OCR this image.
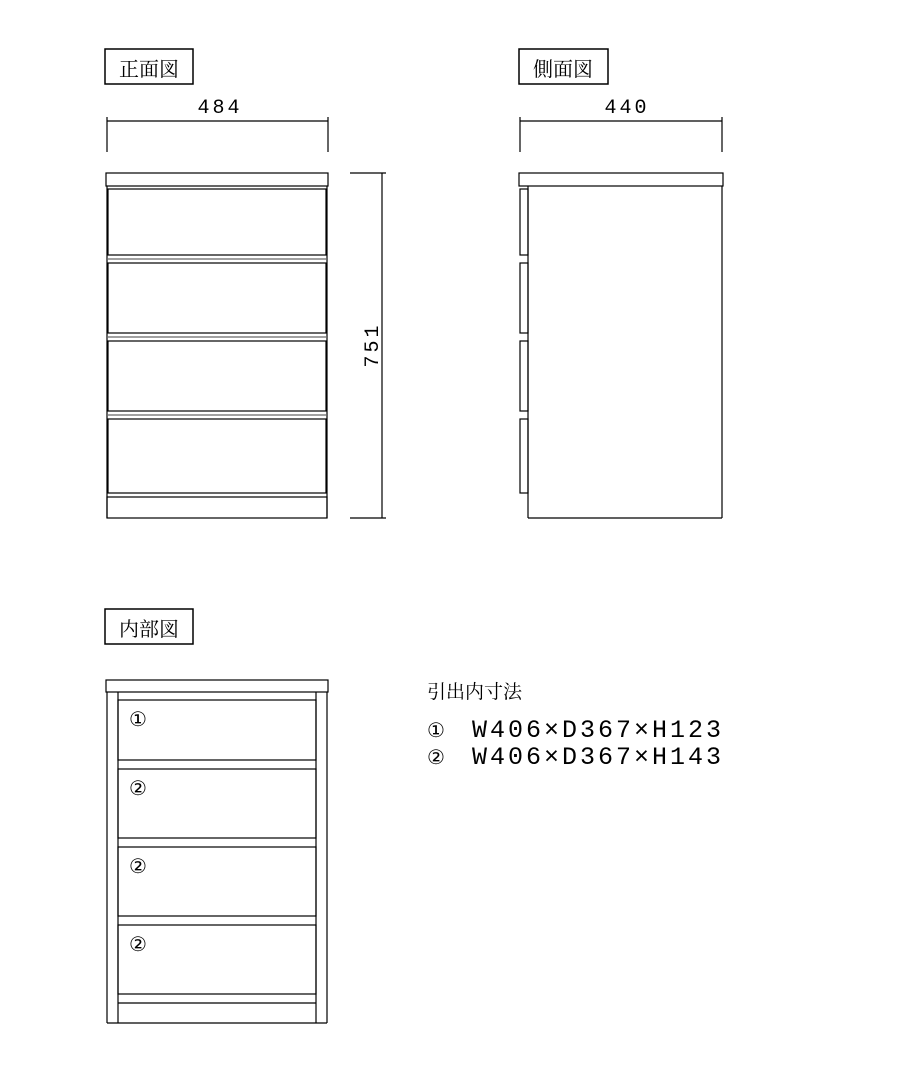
正面図
484
751
側面図
440
内部図
①
②
②
②
引出内寸法
① W406×D367×H123
② W406×D367×H143
